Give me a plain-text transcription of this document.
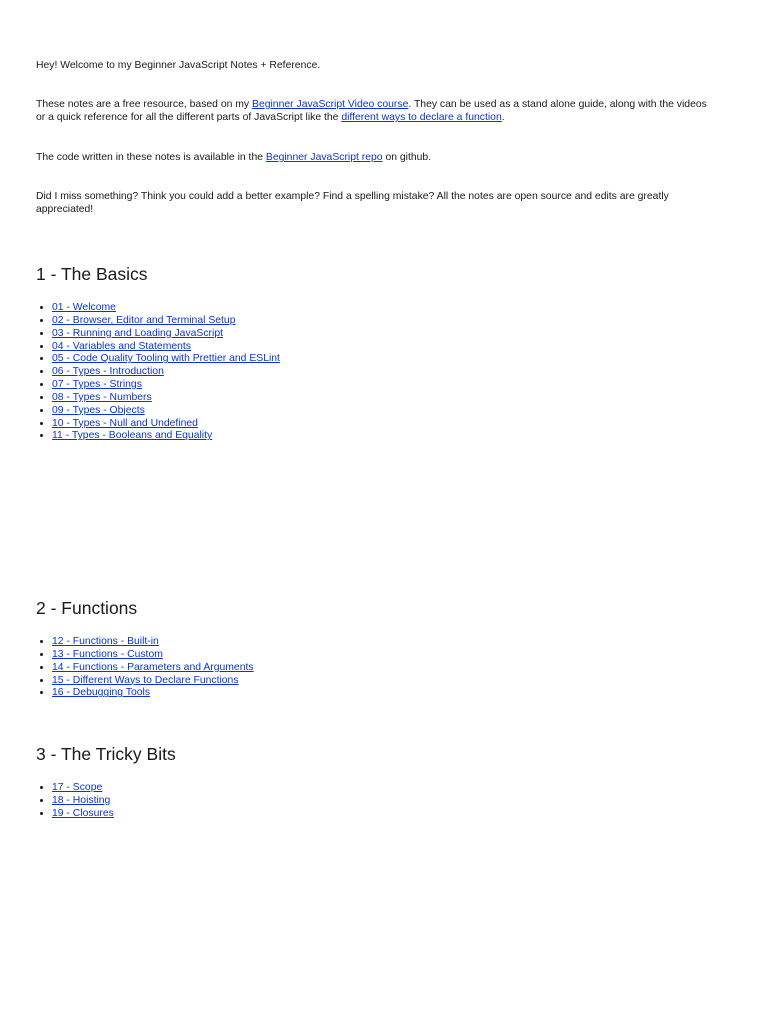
Hey! Welcome to my Beginner JavaScript Notes + Reference.

These notes are a free resource, based on my Beginner JavaScript Video course. They can be used as a stand alone guide, along with the videos or a quick reference for all the different parts of JavaScript like the different ways to declare a function.

The code written in these notes is available in the Beginner JavaScript repo on github.

Did I miss something? Think you could add a better example? Find a spelling mistake? All the notes are open source and edits are greatly appreciated!

1 - The Basics
• 01 - Welcome
• 02 - Browser, Editor and Terminal Setup
• 03 - Running and Loading JavaScript
• 04 - Variables and Statements
• 05 - Code Quality Tooling with Prettier and ESLint
• 06 - Types - Introduction
• 07 - Types - Strings
• 08 - Types - Numbers
• 09 - Types - Objects
• 10 - Types - Null and Undefined
• 11 - Types - Booleans and Equality
2 - Functions
• 12 - Functions - Built-in
• 13 - Functions - Custom
• 14 - Functions - Parameters and Arguments
• 15 - Different Ways to Declare Functions
• 16 - Debugging Tools
3 - The Tricky Bits
• 17 - Scope
• 18 - Hoisting
• 19 - Closures
